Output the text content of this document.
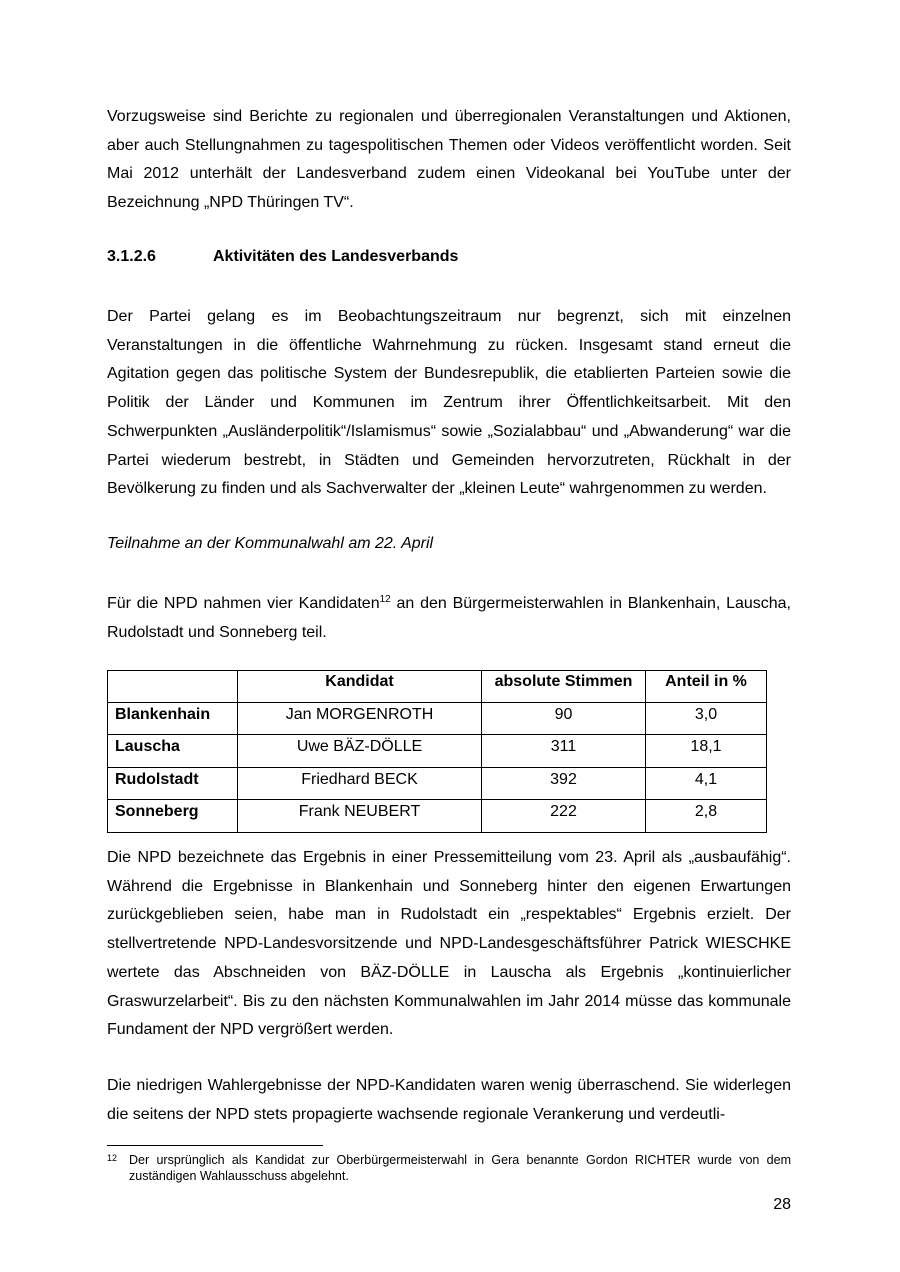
Vorzugsweise sind Berichte zu regionalen und überregionalen Veranstaltungen und Aktionen, aber auch Stellungnahmen zu tagespolitischen Themen oder Videos veröffentlicht worden. Seit Mai 2012 unterhält der Landesverband zudem einen Videokanal bei YouTube unter der Bezeichnung „NPD Thüringen TV“.

3.1.2.6	Aktivitäten des Landesverbands

Der Partei gelang es im Beobachtungszeitraum nur begrenzt, sich mit einzelnen Veranstaltungen in die öffentliche Wahrnehmung zu rücken. Insgesamt stand erneut die Agitation gegen das politische System der Bundesrepublik, die etablierten Parteien sowie die Politik der Länder und Kommunen im Zentrum ihrer Öffentlichkeitsarbeit. Mit den Schwerpunkten „Ausländerpolitik“/Islamismus“ sowie „Sozialabbau“ und „Abwanderung“ war die Partei wiederum bestrebt, in Städten und Gemeinden hervorzutreten, Rückhalt in der Bevölkerung zu finden und als Sachverwalter der „kleinen Leute“ wahrgenommen zu werden.

Teilnahme an der Kommunalwahl am 22. April

Für die NPD nahmen vier Kandidaten$^{12}$ an den Bürgermeisterwahlen in Blankenhain, Lauscha, Rudolstadt und Sonneberg teil.

	Kandidat	absolute Stimmen	Anteil in %
Blankenhain	Jan MORGENROTH	90	3,0
Lauscha	Uwe BÄZ-DÖLLE	311	18,1
Rudolstadt	Friedhard BECK	392	4,1
Sonneberg	Frank NEUBERT	222	2,8

Die NPD bezeichnete das Ergebnis in einer Pressemitteilung vom 23. April als „ausbaufähig“. Während die Ergebnisse in Blankenhain und Sonneberg hinter den eigenen Erwartungen zurückgeblieben seien, habe man in Rudolstadt ein „respektables“ Ergebnis erzielt. Der stellvertretende NPD-Landesvorsitzende und NPD-Landesgeschäftsführer Patrick WIESCHKE wertete das Abschneiden von BÄZ-DÖLLE in Lauscha als Ergebnis „kontinuierlicher Graswurzelarbeit“. Bis zu den nächsten Kommunalwahlen im Jahr 2014 müsse das kommunale Fundament der NPD vergrößert werden.

Die niedrigen Wahlergebnisse der NPD-Kandidaten waren wenig überraschend. Sie widerlegen die seitens der NPD stets propagierte wachsende regionale Verankerung und verdeutli-

12 Der ursprünglich als Kandidat zur Oberbürgermeisterwahl in Gera benannte Gordon RICHTER wurde von dem zuständigen Wahlausschuss abgelehnt.
28
